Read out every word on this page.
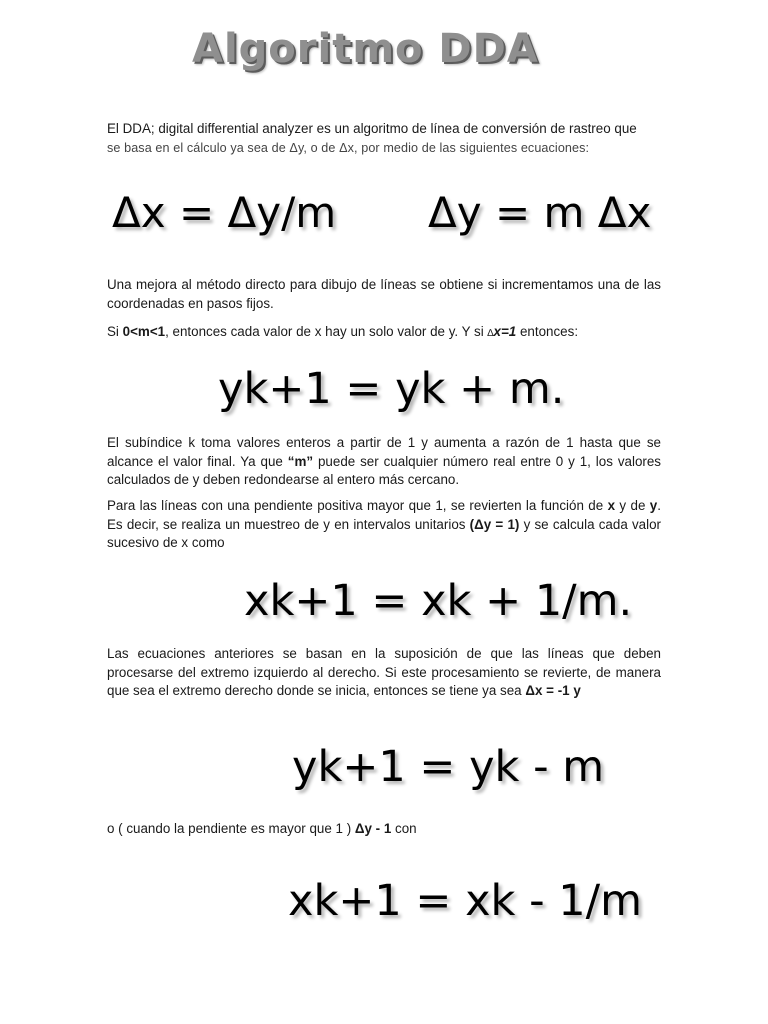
Algoritmo DDA

El DDA; digital differential analyzer es un algoritmo de línea de conversión de rastreo que
se basa en el cálculo ya sea de Δy, o de Δx, por medio de las siguientes ecuaciones:

Δx = Δy/m Δy = m Δx

Una mejora al método directo para dibujo de líneas se obtiene si incrementamos una de las coordenadas en pasos fijos.

Si 0<m<1, entonces cada valor de x hay un solo valor de y. Y si ∆x=1 entonces:

yk+1 = yk + m.

El subíndice k toma valores enteros a partir de 1 y aumenta a razón de 1 hasta que se alcance el valor final. Ya que “m” puede ser cualquier número real entre 0 y 1, los valores calculados de y deben redondearse al entero más cercano.

Para las líneas con una pendiente positiva mayor que 1, se revierten la función de x y de y. Es decir, se realiza un muestreo de y en intervalos unitarios (Δy = 1) y se calcula cada valor sucesivo de x como

xk+1 = xk + 1/m.

Las ecuaciones anteriores se basan en la suposición de que las líneas que deben procesarse del extremo izquierdo al derecho. Si este procesamiento se revierte, de manera que sea el extremo derecho donde se inicia, entonces se tiene ya sea Δx = -1 y

yk+1 = yk - m

o ( cuando la pendiente es mayor que 1 ) Δy - 1 con

xk+1 = xk - 1/m
